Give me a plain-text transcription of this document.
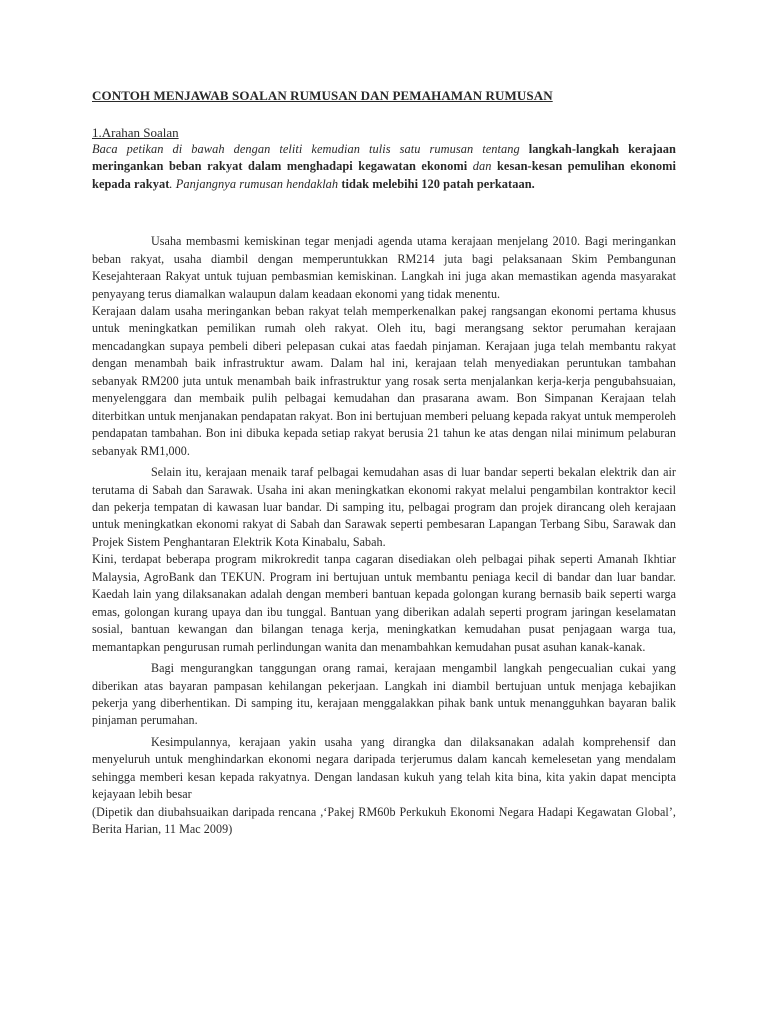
CONTOH MENJAWAB SOALAN RUMUSAN DAN PEMAHAMAN RUMUSAN
1.Arahan Soalan

Baca petikan di bawah dengan teliti kemudian tulis satu rumusan tentang langkah-langkah kerajaan meringankan beban rakyat dalam menghadapi kegawatan ekonomi dan kesan-kesan pemulihan ekonomi kepada rakyat. Panjangnya rumusan hendaklah tidak melebihi 120 patah perkataan.

Usaha membasmi kemiskinan tegar menjadi agenda utama kerajaan menjelang 2010. Bagi meringankan beban rakyat, usaha diambil dengan memperuntukkan RM214 juta bagi pelaksanaan Skim Pembangunan Kesejahteraan Rakyat untuk tujuan pembasmian kemiskinan. Langkah ini juga akan memastikan agenda masyarakat penyayang terus diamalkan walaupun dalam keadaan ekonomi yang tidak menentu.

Kerajaan dalam usaha meringankan beban rakyat telah memperkenalkan pakej rangsangan ekonomi pertama khusus untuk meningkatkan pemilikan rumah oleh rakyat. Oleh itu, bagi merangsang sektor perumahan kerajaan mencadangkan supaya pembeli diberi pelepasan cukai atas faedah pinjaman. Kerajaan juga telah membantu rakyat dengan menambah baik infrastruktur awam. Dalam hal ini, kerajaan telah menyediakan peruntukan tambahan sebanyak RM200 juta untuk menambah baik infrastruktur yang rosak serta menjalankan kerja-kerja pengubahsuaian, menyelenggara dan membaik pulih pelbagai kemudahan dan prasarana awam. Bon Simpanan Kerajaan telah diterbitkan untuk menjanakan pendapatan rakyat. Bon ini bertujuan memberi peluang kepada rakyat untuk memperoleh pendapatan tambahan. Bon ini dibuka kepada setiap rakyat berusia 21 tahun ke atas dengan nilai minimum pelaburan sebanyak RM1,000.

Selain itu, kerajaan menaik taraf pelbagai kemudahan asas di luar bandar seperti bekalan elektrik dan air terutama di Sabah dan Sarawak. Usaha ini akan meningkatkan ekonomi rakyat melalui pengambilan kontraktor kecil dan pekerja tempatan di kawasan luar bandar. Di samping itu, pelbagai program dan projek dirancang oleh kerajaan untuk meningkatkan ekonomi rakyat di Sabah dan Sarawak seperti pembesaran Lapangan Terbang Sibu, Sarawak dan Projek Sistem Penghantaran Elektrik Kota Kinabalu, Sabah.

Kini, terdapat beberapa program mikrokredit tanpa cagaran disediakan oleh pelbagai pihak seperti Amanah Ikhtiar Malaysia, AgroBank dan TEKUN. Program ini bertujuan untuk membantu peniaga kecil di bandar dan luar bandar. Kaedah lain yang dilaksanakan adalah dengan memberi bantuan kepada golongan kurang bernasib baik seperti warga emas, golongan kurang upaya dan ibu tunggal. Bantuan yang diberikan adalah seperti program jaringan keselamatan sosial, bantuan kewangan dan bilangan tenaga kerja, meningkatkan kemudahan pusat penjagaan warga tua, memantapkan pengurusan rumah perlindungan wanita dan menambahkan kemudahan pusat asuhan kanak-kanak.

Bagi mengurangkan tanggungan orang ramai, kerajaan mengambil langkah pengecualian cukai yang diberikan atas bayaran pampasan kehilangan pekerjaan. Langkah ini diambil bertujuan untuk menjaga kebajikan pekerja yang diberhentikan. Di samping itu, kerajaan menggalakkan pihak bank untuk menangguhkan bayaran balik pinjaman perumahan.

Kesimpulannya, kerajaan yakin usaha yang dirangka dan dilaksanakan adalah komprehensif dan menyeluruh untuk menghindarkan ekonomi negara daripada terjerumus dalam kancah kemelesetan yang mendalam sehingga memberi kesan kepada rakyatnya. Dengan landasan kukuh yang telah kita bina, kita yakin dapat mencipta kejayaan lebih besar

(Dipetik dan diubahsuaikan daripada rencana ,‘Pakej RM60b Perkukuh Ekonomi Negara Hadapi Kegawatan Global’, Berita Harian, 11 Mac 2009)
